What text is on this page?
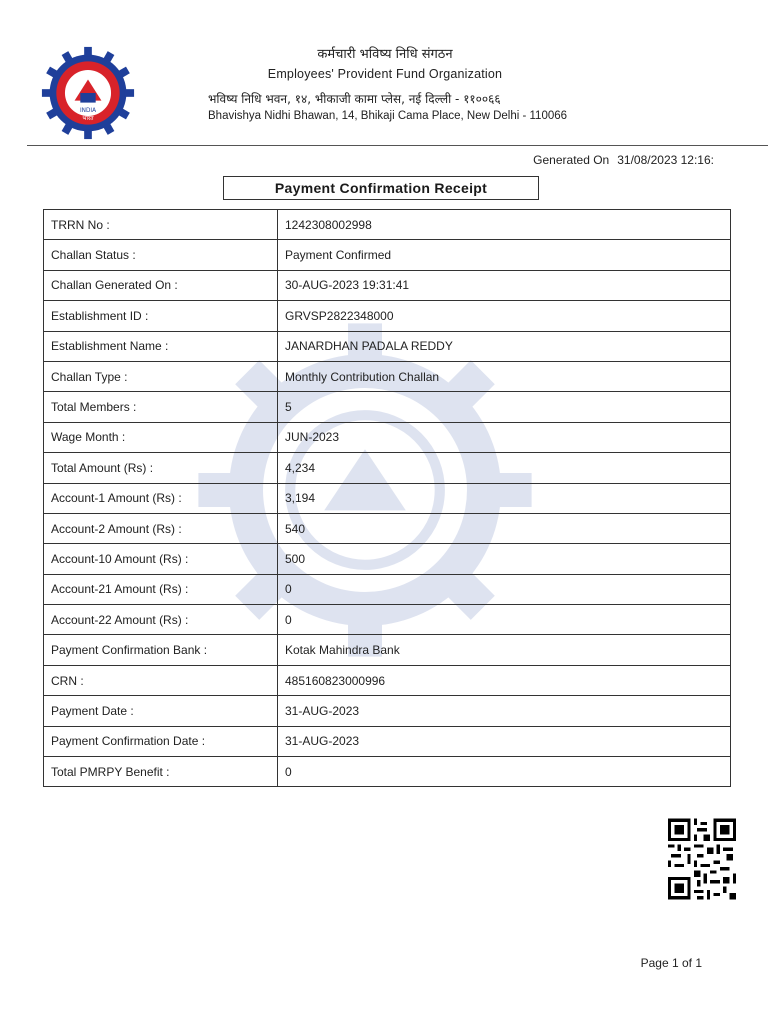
INDIA
भारत
कर्मचारी भविष्य निधि संगठन
Employees' Provident Fund Organization
भविष्य निधि भवन, १४, भीकाजी कामा प्लेस, नई दिल्ली - ११००६६
Bhavishya Nidhi Bhawan, 14, Bhikaji Cama Place, New Delhi - 110066
Generated On 31/08/2023 12:16:
Payment Confirmation Receipt
TRRN No :	1242308002998
Challan Status :	Payment Confirmed
Challan Generated On :	30-AUG-2023 19:31:41
Establishment ID :	GRVSP2822348000
Establishment Name :	JANARDHAN PADALA REDDY
Challan Type :	Monthly Contribution Challan
Total Members :	5
Wage Month :	JUN-2023
Total Amount (Rs) :	4,234
Account-1 Amount (Rs) :	3,194
Account-2 Amount (Rs) :	540
Account-10 Amount (Rs) :	500
Account-21 Amount (Rs) :	0
Account-22 Amount (Rs) :	0
Payment Confirmation Bank :	Kotak Mahindra Bank
CRN :	485160823000996
Payment Date :	31-AUG-2023
Payment Confirmation Date :	31-AUG-2023
Total PMRPY Benefit :	0
Page 1 of 1
